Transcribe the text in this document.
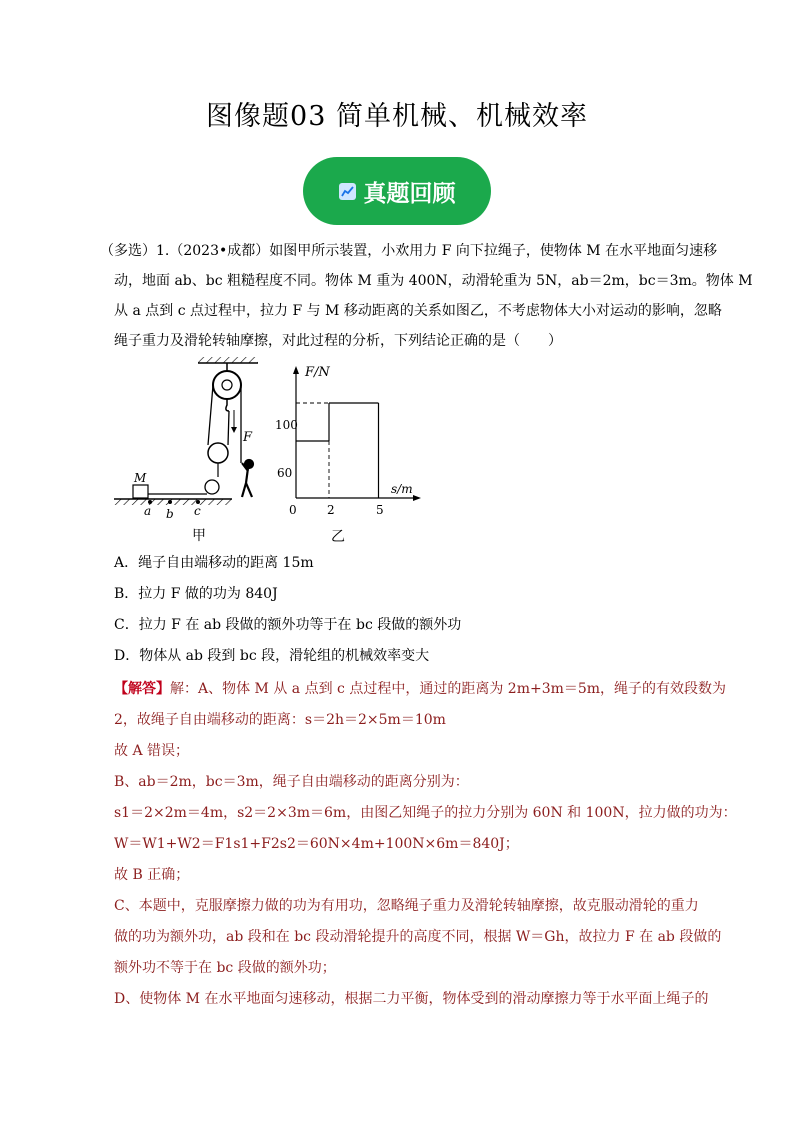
图像题03 简单机械、机械效率
真题回顾
（多选）1.（2023•成都）如图甲所示装置，小欢用力 F 向下拉绳子，使物体 M 在水平地面匀速移
动，地面 ab、bc 粗糙程度不同。物体 M 重为 400N，动滑轮重为 5N，ab＝2m，bc＝3m。物体 M
从 a 点到 c 点过程中，拉力 F 与 M 移动距离的关系如图乙，不考虑物体大小对运动的影响，忽略
绳子重力及滑轮转轴摩擦，对此过程的分析，下列结论正确的是（　　）
F
M
a b c
甲
F/N
s/m
0	2	5
60
100
乙
A．绳子自由端移动的距离 15m
B．拉力 F 做的功为 840J
C．拉力 F 在 ab 段做的额外功等于在 bc 段做的额外功
D．物体从 ab 段到 bc 段，滑轮组的机械效率变大
【解答】解：A、物体 M 从 a 点到 c 点过程中，通过的距离为 2m+3m＝5m，绳子的有效段数为
2，故绳子自由端移动的距离：s＝2h＝2×5m＝10m
故 A 错误；
B、ab＝2m，bc＝3m，绳子自由端移动的距离分别为：
s1＝2×2m＝4m，s2＝2×3m＝6m，由图乙知绳子的拉力分别为 60N 和 100N，拉力做的功为：
W＝W1+W2＝F1s1+F2s2＝60N×4m+100N×6m＝840J；
故 B 正确；
C、本题中，克服摩擦力做的功为有用功，忽略绳子重力及滑轮转轴摩擦，故克服动滑轮的重力
做的功为额外功，ab 段和在 bc 段动滑轮提升的高度不同，根据 W＝Gh，故拉力 F 在 ab 段做的
额外功不等于在 bc 段做的额外功；
D、使物体 M 在水平地面匀速移动，根据二力平衡，物体受到的滑动摩擦力等于水平面上绳子的
